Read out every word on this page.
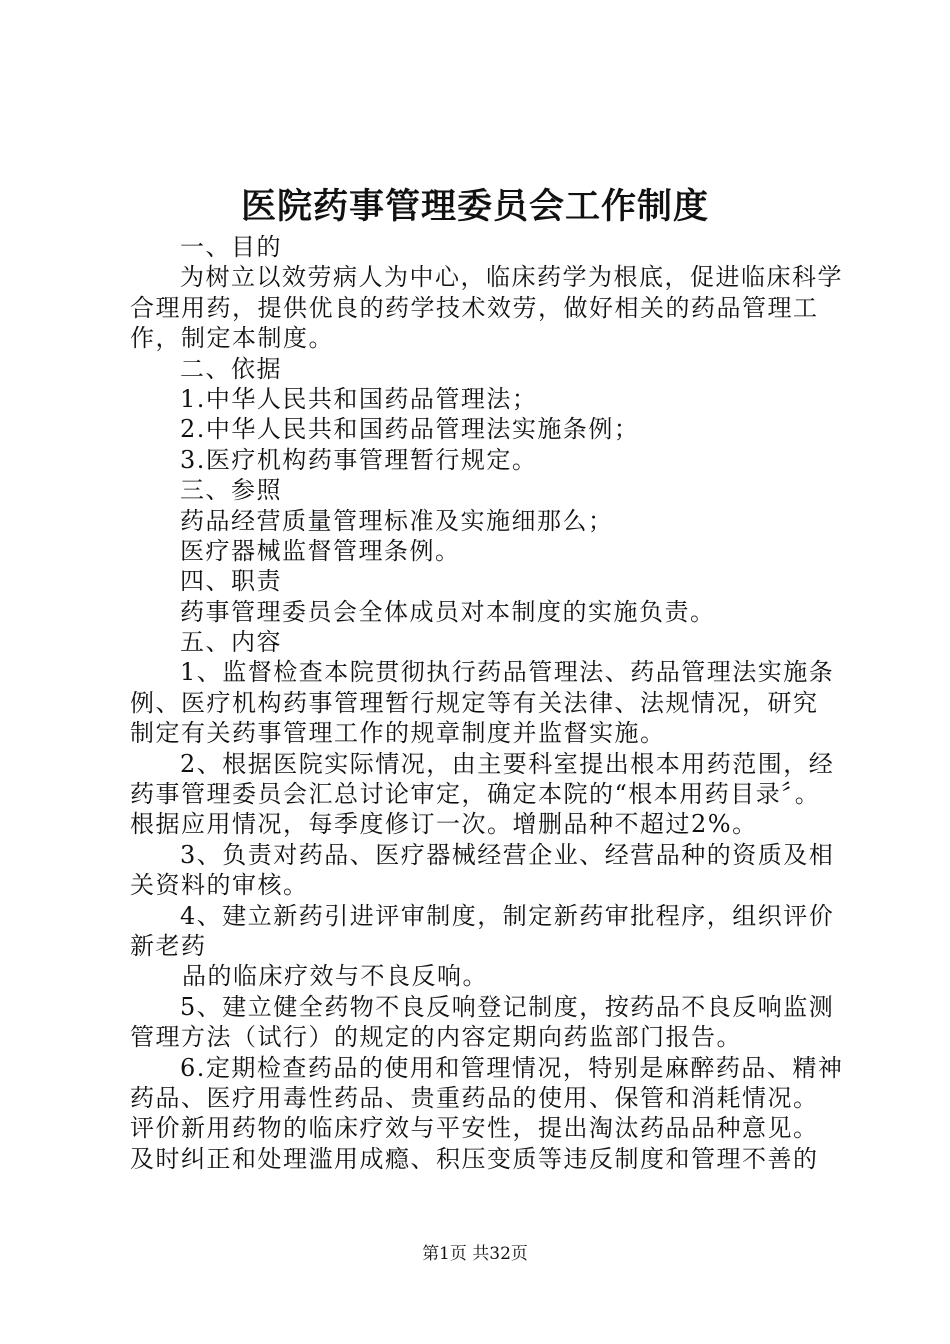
医院药事管理委员会工作制度
一、目的
为树立以效劳病人为中心，临床药学为根底，促进临床科学
合理用药，提供优良的药学技术效劳，做好相关的药品管理工
作，制定本制度。
二、依据
1.中华人民共和国药品管理法；
2.中华人民共和国药品管理法实施条例；
3.医疗机构药事管理暂行规定。
三、参照
药品经营质量管理标准及实施细那么；
医疗器械监督管理条例。
四、职责
药事管理委员会全体成员对本制度的实施负责。
五、内容
1、监督检查本院贯彻执行药品管理法、药品管理法实施条
例、医疗机构药事管理暂行规定等有关法律、法规情况，研究
制定有关药事管理工作的规章制度并监督实施。
2、根据医院实际情况，由主要科室提出根本用药范围，经
药事管理委员会汇总讨论审定，确定本院的“根本用药目录〞。
根据应用情况，每季度修订一次。增删品种不超过2%。
3、负责对药品、医疗器械经营企业、经营品种的资质及相
关资料的审核。
4、建立新药引进评审制度，制定新药审批程序，组织评价
新老药
品的临床疗效与不良反响。
5、建立健全药物不良反响登记制度，按药品不良反响监测
管理方法（试行）的规定的内容定期向药监部门报告。
6.定期检查药品的使用和管理情况，特别是麻醉药品、精神
药品、医疗用毒性药品、贵重药品的使用、保管和消耗情况。
评价新用药物的临床疗效与平安性，提出淘汰药品品种意见。
及时纠正和处理滥用成瘾、积压变质等违反制度和管理不善的
第1页 共32页
